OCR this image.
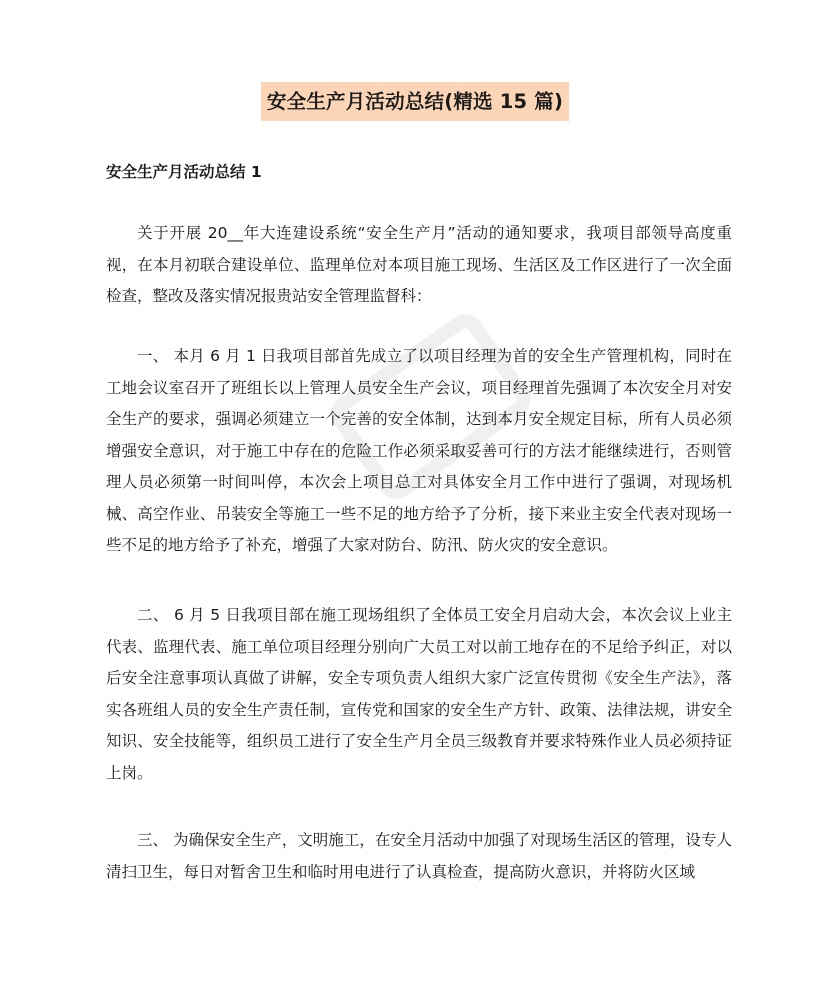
安全生产月活动总结(精选 15 篇)
安全生产月活动总结 1

关于开展 20__年大连建设系统“安全生产月”活动的通知要求，我项目部领导高度重视，在本月初联合建设单位、监理单位对本项目施工现场、生活区及工作区进行了一次全面检查，整改及落实情况报贵站安全管理监督科：

一、 本月 6 月 1 日我项目部首先成立了以项目经理为首的安全生产管理机构，同时在工地会议室召开了班组长以上管理人员安全生产会议，项目经理首先强调了本次安全月对安全生产的要求，强调必须建立一个完善的安全体制，达到本月安全规定目标，所有人员必须增强安全意识，对于施工中存在的危险工作必须采取妥善可行的方法才能继续进行，否则管理人员必须第一时间叫停，本次会上项目总工对具体安全月工作中进行了强调，对现场机械、高空作业、吊装安全等施工一些不足的地方给予了分析，接下来业主安全代表对现场一些不足的地方给予了补充，增强了大家对防台、防汛、防火灾的安全意识。

二、 6 月 5 日我项目部在施工现场组织了全体员工安全月启动大会，本次会议上业主代表、监理代表、施工单位项目经理分别向广大员工对以前工地存在的不足给予纠正，对以后安全注意事项认真做了讲解，安全专项负责人组织大家广泛宣传贯彻《安全生产法》，落实各班组人员的安全生产责任制，宣传党和国家的安全生产方针、政策、法律法规，讲安全知识、安全技能等，组织员工进行了安全生产月全员三级教育并要求特殊作业人员必须持证上岗。

三、 为确保安全生产，文明施工，在安全月活动中加强了对现场生活区的管理，设专人清扫卫生，每日对暂舍卫生和临时用电进行了认真检查，提高防火意识，并将防火区域
